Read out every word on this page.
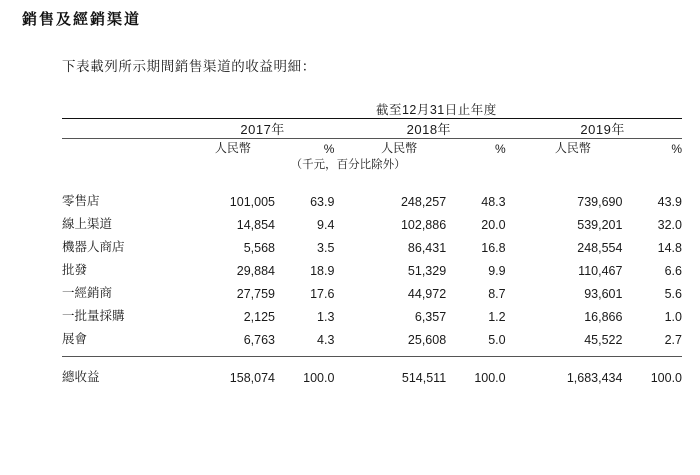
銷售及經銷渠道
下表載列所示期間銷售渠道的收益明細：
	截至12月31日止年度							

	2017年			2018年			2019年	

	人民幣	%		人民幣	%		人民幣	%
	（千元，百分比除外）							

零售店	101,005	63.9		248,257	48.3		739,690	43.9
線上渠道	14,854	9.4		102,886	20.0		539,201	32.0
機器人商店	5,568	3.5		86,431	16.8		248,554	14.8
批發	29,884	18.9		51,329	9.9		110,467	6.6
一經銷商	27,759	17.6		44,972	8.7		93,601	5.6
一批量採購	2,125	1.3		6,357	1.2		16,866	1.0
展會	6,763	4.3		25,608	5.0		45,522	2.7

總收益	158,074	100.0		514,511	100.0		1,683,434	100.0
